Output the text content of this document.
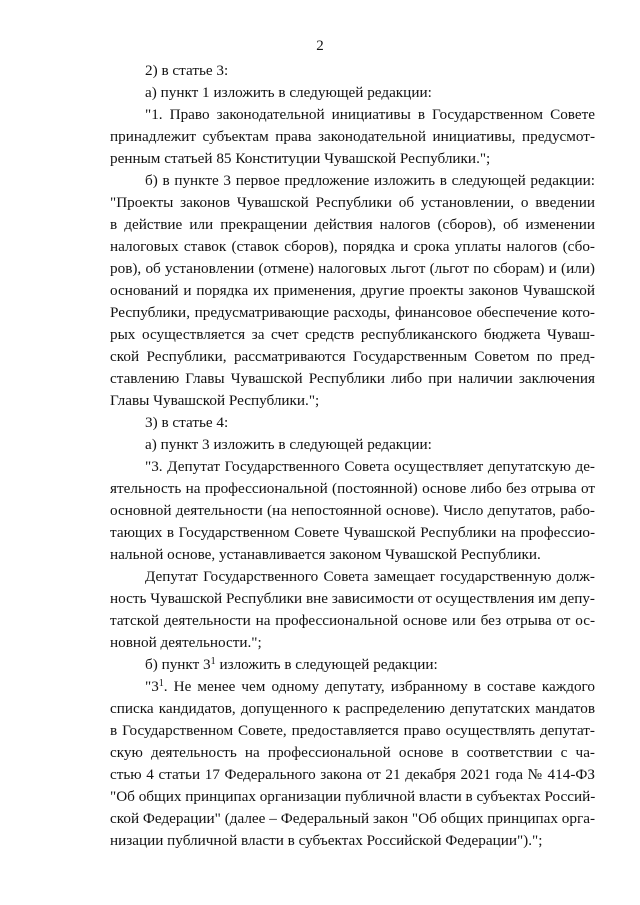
2
2) в статье 3:
а) пункт 1 изложить в следующей редакции:
"1. Право законодательной инициативы в Государственном Совете
принадлежит субъектам права законодательной инициативы, предусмот-
ренным статьей 85 Конституции Чувашской Республики.";
б) в пункте 3 первое предложение изложить в следующей редакции:
"Проекты законов Чувашской Республики об установлении, о введении
в действие или прекращении действия налогов (сборов), об изменении
налоговых ставок (ставок сборов), порядка и срока уплаты налогов (сбо-
ров), об установлении (отмене) налоговых льгот (льгот по сборам) и (или)
оснований и порядка их применения, другие проекты законов Чувашской
Республики, предусматривающие расходы, финансовое обеспечение кото-
рых осуществляется за счет средств республиканского бюджета Чуваш-
ской Республики, рассматриваются Государственным Советом по пред-
ставлению Главы Чувашской Республики либо при наличии заключения
Главы Чувашской Республики.";
3) в статье 4:
а) пункт 3 изложить в следующей редакции:
"3. Депутат Государственного Совета осуществляет депутатскую де-
ятельность на профессиональной (постоянной) основе либо без отрыва от
основной деятельности (на непостоянной основе). Число депутатов, рабо-
тающих в Государственном Совете Чувашской Республики на профессио-
нальной основе, устанавливается законом Чувашской Республики.
Депутат Государственного Совета замещает государственную долж-
ность Чувашской Республики вне зависимости от осуществления им депу-
татской деятельности на профессиональной основе или без отрыва от ос-
новной деятельности.";
б) пункт $3^1$ изложить в следующей редакции:
"$3^1$. Не менее чем одному депутату, избранному в составе каждого
списка кандидатов, допущенного к распределению депутатских мандатов
в Государственном Совете, предоставляется право осуществлять депутат-
скую деятельность на профессиональной основе в соответствии с ча-
стью 4 статьи 17 Федерального закона от 21 декабря 2021 года № 414-ФЗ
"Об общих принципах организации публичной власти в субъектах Россий-
ской Федерации" (далее – Федеральный закон "Об общих принципах орга-
низации публичной власти в субъектах Российской Федерации").";
